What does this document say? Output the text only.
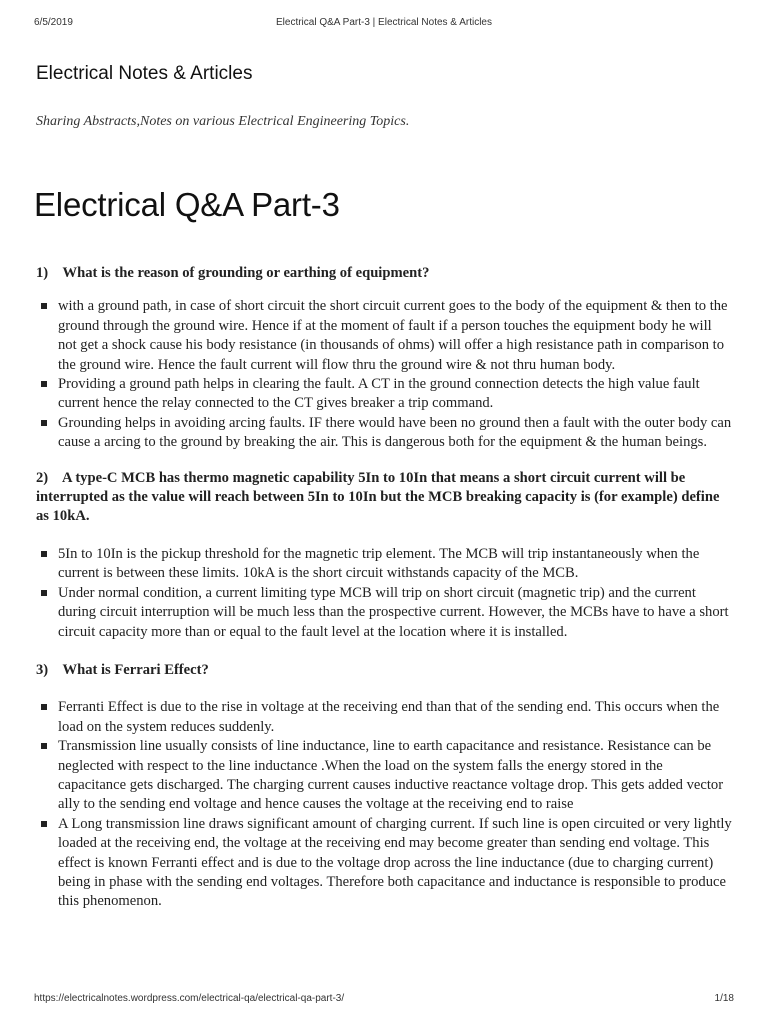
6/5/2019	Electrical Q&A Part-3 | Electrical Notes & Articles
Electrical Notes & Articles

Sharing Abstracts,Notes on various Electrical Engineering Topics.

Electrical Q&A Part-3

1)    What is the reason of grounding or earthing of equipment?

with a ground path, in case of short circuit the short circuit current goes to the body of the equipment & then to the ground through the ground wire. Hence if at the moment of fault if a person touches the equipment body he will not get a shock cause his body resistance (in thousands of ohms) will offer a high resistance path in comparison to the ground wire. Hence the fault current will flow thru the ground wire & not thru human body.
Providing a ground path helps in clearing the fault. A CT in the ground connection detects the high value fault current hence the relay connected to the CT gives breaker a trip command.
Grounding helps in avoiding arcing faults. IF there would have been no ground then a fault with the outer body can cause a arcing to the ground by breaking the air. This is dangerous both for the equipment & the human beings.

2)    A type-C MCB has thermo magnetic capability 5In to 10In that means a short circuit current will be interrupted as the value will reach between 5In to 10In but the MCB breaking capacity is (for example) define as 10kA.

5In to 10In is the pickup threshold for the magnetic trip element. The MCB will trip instantaneously when the current is between these limits. 10kA is the short circuit withstands capacity of the MCB.
Under normal condition, a current limiting type MCB will trip on short circuit (magnetic trip) and the current during circuit interruption will be much less than the prospective current. However, the MCBs have to have a short circuit capacity more than or equal to the fault level at the location where it is installed.

3)    What is Ferrari Effect?

Ferranti Effect is due to the rise in voltage at the receiving end than that of the sending end. This occurs when the load on the system reduces suddenly.
Transmission line usually consists of line inductance, line to earth capacitance and resistance. Resistance can be neglected with respect to the line inductance .When the load on the system falls the energy stored in the capacitance gets discharged. The charging current causes inductive reactance voltage drop. This gets added vector ally to the sending end voltage and hence causes the voltage at the receiving end to raise
A Long transmission line draws significant amount of charging current. If such line is open circuited or very lightly loaded at the receiving end, the voltage at the receiving end may become greater than sending end voltage. This effect is known Ferranti effect and is due to the voltage drop across the line inductance (due to charging current) being in phase with the sending end voltages. Therefore both capacitance and inductance is responsible to produce this phenomenon.
https://electricalnotes.wordpress.com/electrical-qa/electrical-qa-part-3/	1/18
